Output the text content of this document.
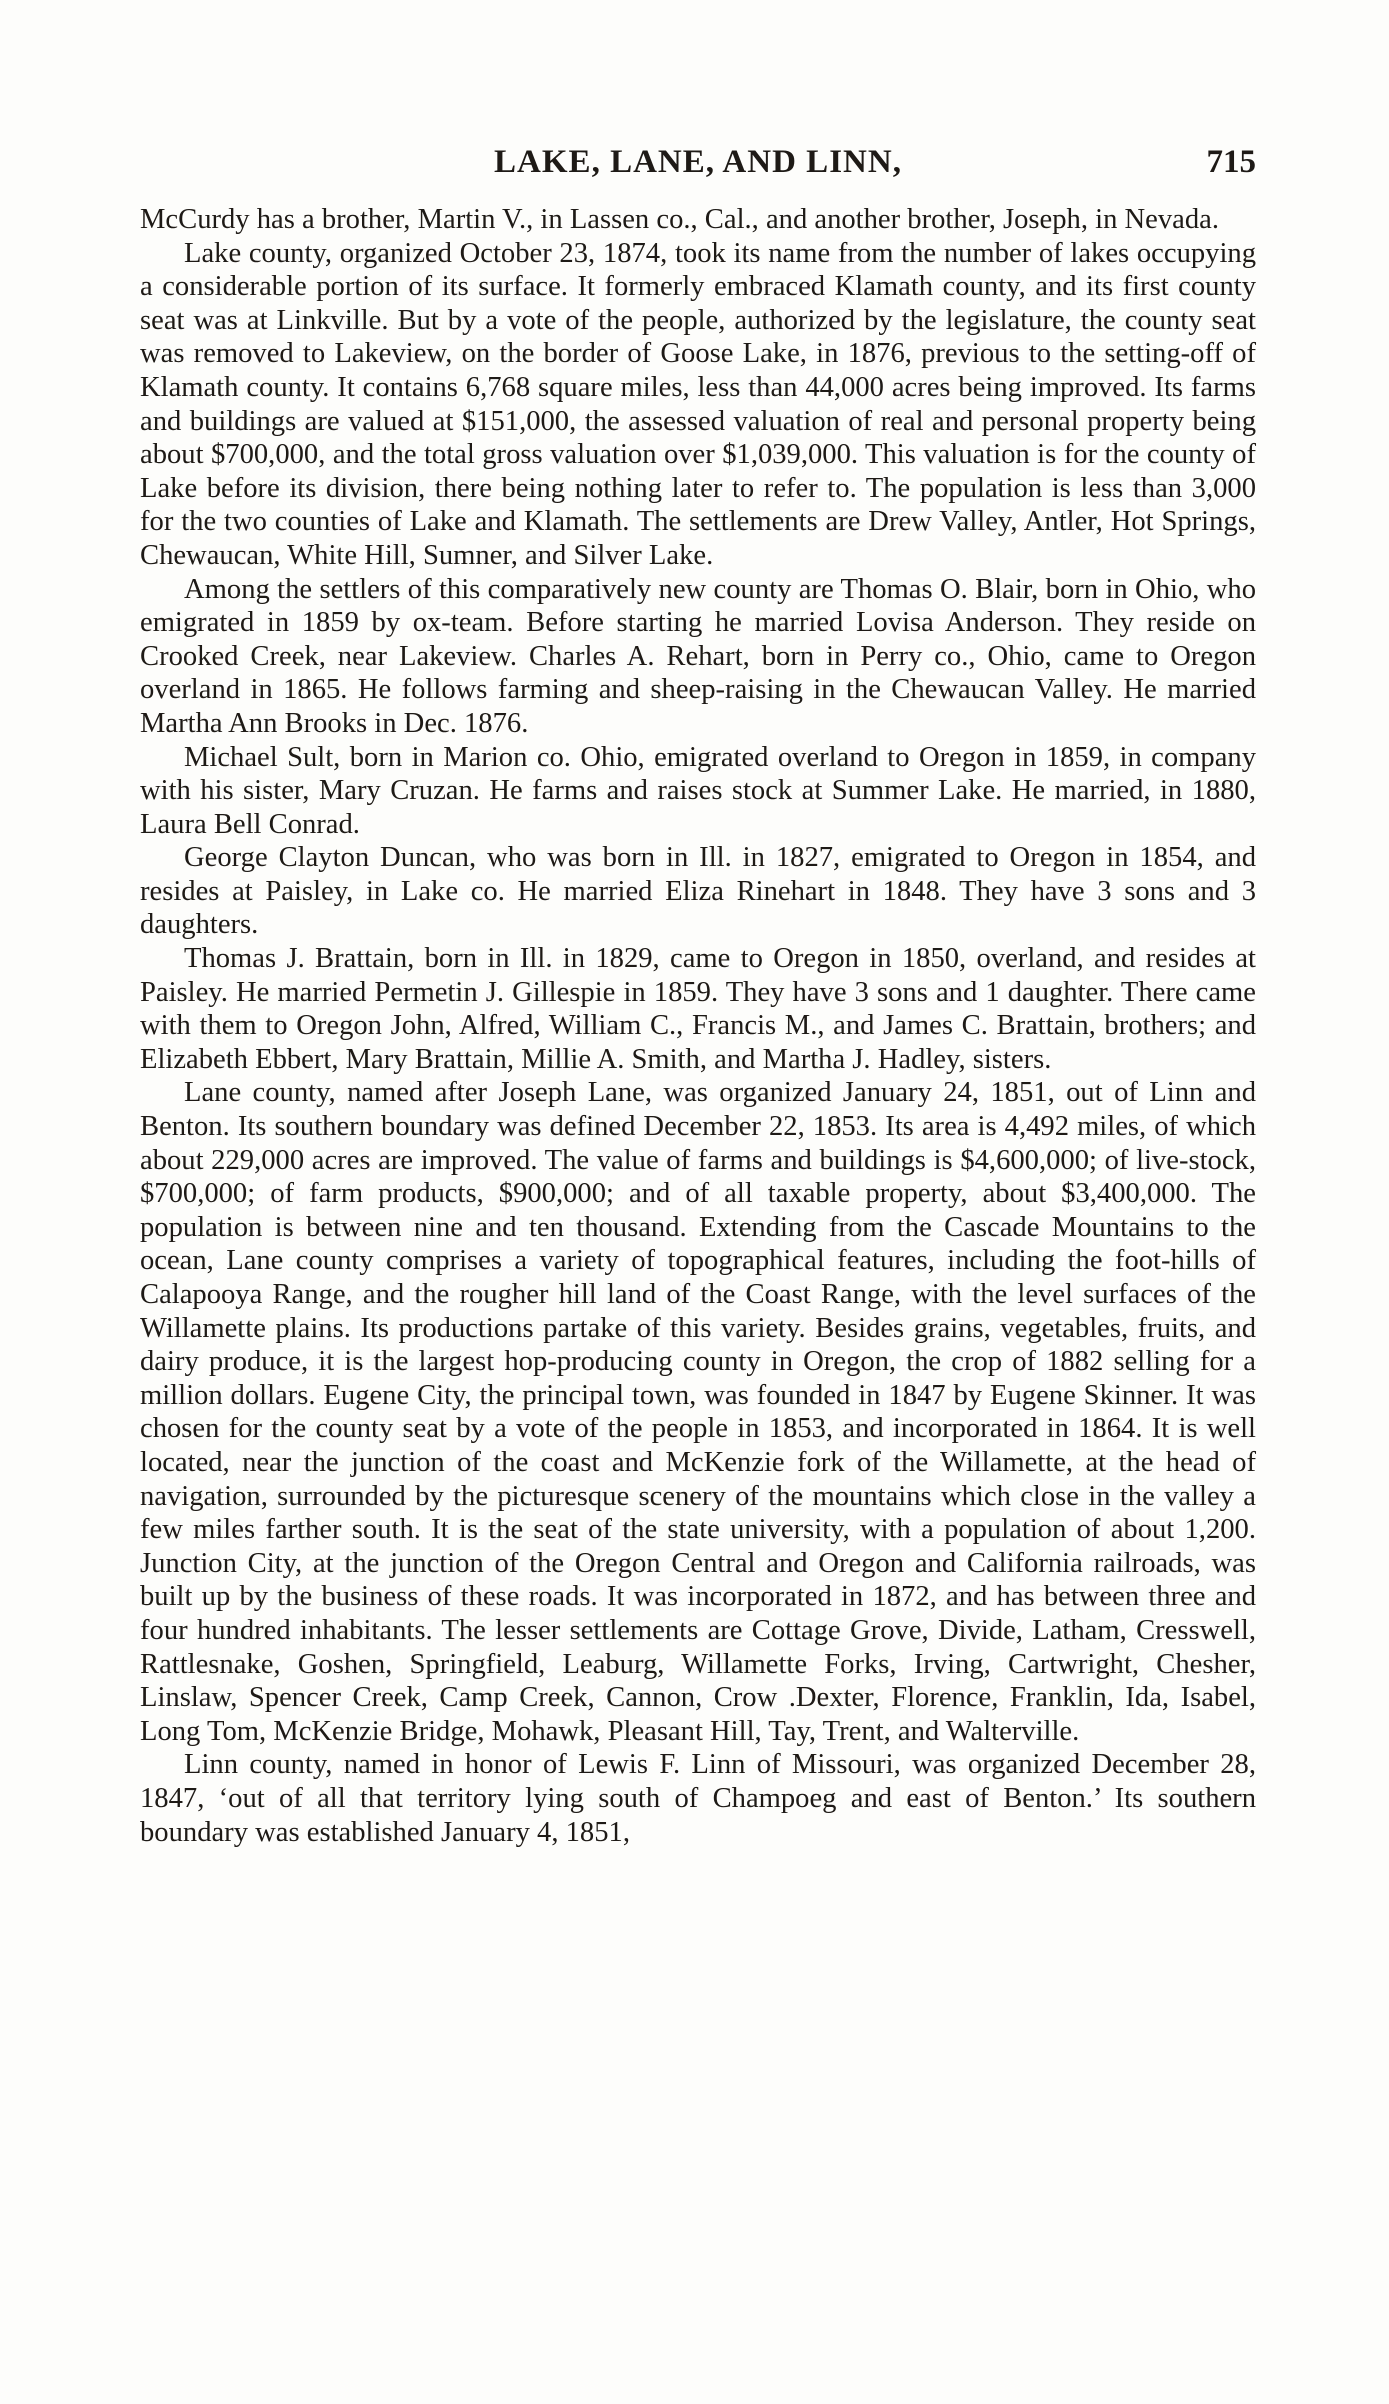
LAKE, LANE, AND LINN,	715

McCurdy has a brother, Martin V., in Lassen co., Cal., and another brother, Joseph, in Nevada.

Lake county, organized October 23, 1874, took its name from the number of lakes occupying a considerable portion of its surface. It formerly embraced Klamath county, and its first county seat was at Linkville. But by a vote of the people, authorized by the legislature, the county seat was removed to Lakeview, on the border of Goose Lake, in 1876, previous to the setting-off of Klamath county. It contains 6,768 square miles, less than 44,000 acres being improved. Its farms and buildings are valued at $151,000, the assessed valuation of real and personal property being about $700,000, and the total gross valuation over $1,039,000. This valuation is for the county of Lake before its division, there being nothing later to refer to. The population is less than 3,000 for the two counties of Lake and Klamath. The settlements are Drew Valley, Antler, Hot Springs, Chewaucan, White Hill, Sumner, and Silver Lake.

Among the settlers of this comparatively new county are Thomas O. Blair, born in Ohio, who emigrated in 1859 by ox-team. Before starting he married Lovisa Anderson. They reside on Crooked Creek, near Lakeview. Charles A. Rehart, born in Perry co., Ohio, came to Oregon overland in 1865. He follows farming and sheep-raising in the Chewaucan Valley. He married Martha Ann Brooks in Dec. 1876.

Michael Sult, born in Marion co. Ohio, emigrated overland to Oregon in 1859, in company with his sister, Mary Cruzan. He farms and raises stock at Summer Lake. He married, in 1880, Laura Bell Conrad.

George Clayton Duncan, who was born in Ill. in 1827, emigrated to Oregon in 1854, and resides at Paisley, in Lake co. He married Eliza Rinehart in 1848. They have 3 sons and 3 daughters.

Thomas J. Brattain, born in Ill. in 1829, came to Oregon in 1850, overland, and resides at Paisley. He married Permetin J. Gillespie in 1859. They have 3 sons and 1 daughter. There came with them to Oregon John, Alfred, William C., Francis M., and James C. Brattain, brothers; and Elizabeth Ebbert, Mary Brattain, Millie A. Smith, and Martha J. Hadley, sisters.

Lane county, named after Joseph Lane, was organized January 24, 1851, out of Linn and Benton. Its southern boundary was defined December 22, 1853. Its area is 4,492 miles, of which about 229,000 acres are improved. The value of farms and buildings is $4,600,000; of live-stock, $700,000; of farm products, $900,000; and of all taxable property, about $3,400,000. The population is between nine and ten thousand. Extending from the Cascade Mountains to the ocean, Lane county comprises a variety of topographical features, including the foot-hills of Calapooya Range, and the rougher hill land of the Coast Range, with the level surfaces of the Willamette plains. Its productions partake of this variety. Besides grains, vegetables, fruits, and dairy produce, it is the largest hop-producing county in Oregon, the crop of 1882 selling for a million dollars. Eugene City, the principal town, was founded in 1847 by Eugene Skinner. It was chosen for the county seat by a vote of the people in 1853, and incorporated in 1864. It is well located, near the junction of the coast and McKenzie fork of the Willamette, at the head of navigation, surrounded by the picturesque scenery of the mountains which close in the valley a few miles farther south. It is the seat of the state university, with a population of about 1,200. Junction City, at the junction of the Oregon Central and Oregon and California railroads, was built up by the business of these roads. It was incorporated in 1872, and has between three and four hundred inhabitants. The lesser settlements are Cottage Grove, Divide, Latham, Cresswell, Rattlesnake, Goshen, Springfield, Leaburg, Willamette Forks, Irving, Cartwright, Chesher, Linslaw, Spencer Creek, Camp Creek, Cannon, Crow .Dexter, Florence, Franklin, Ida, Isabel, Long Tom, McKenzie Bridge, Mohawk, Pleasant Hill, Tay, Trent, and Walterville.

Linn county, named in honor of Lewis F. Linn of Missouri, was organized December 28, 1847, ‘out of all that territory lying south of Champoeg and east of Benton.’ Its southern boundary was established January 4, 1851,
